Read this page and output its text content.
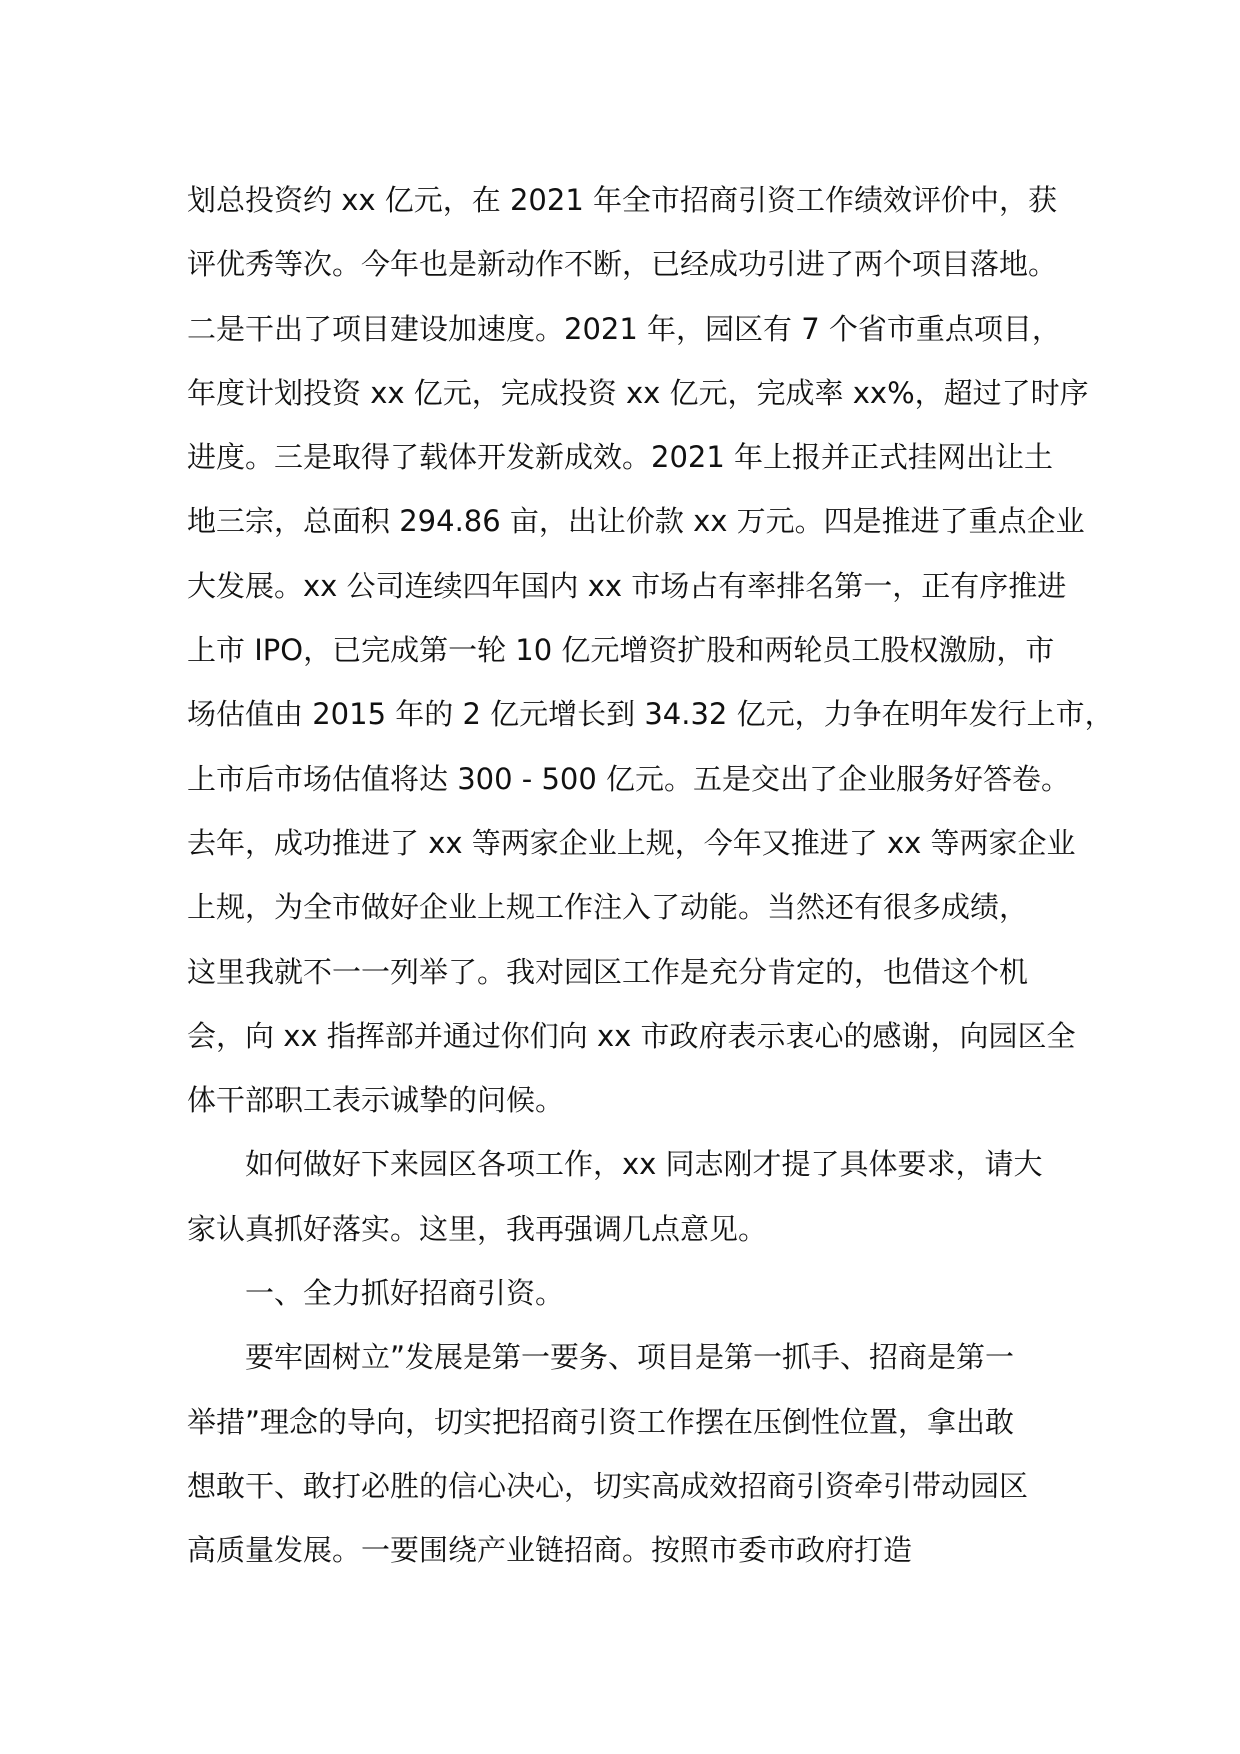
划总投资约 xx 亿元，在 2021 年全市招商引资工作绩效评价中，获
评优秀等次。今年也是新动作不断，已经成功引进了两个项目落地。
二是干出了项目建设加速度。2021 年，园区有 7 个省市重点项目，
年度计划投资 xx 亿元，完成投资 xx 亿元，完成率 xx%，超过了时序
进度。三是取得了载体开发新成效。2021 年上报并正式挂网出让土
地三宗，总面积 294.86 亩，出让价款 xx 万元。四是推进了重点企业
大发展。xx 公司连续四年国内 xx 市场占有率排名第一，正有序推进
上市 IPO，已完成第一轮 10 亿元增资扩股和两轮员工股权激励，市
场估值由 2015 年的 2 亿元增长到 34.32 亿元，力争在明年发行上市，
上市后市场估值将达 300 - 500 亿元。五是交出了企业服务好答卷。
去年，成功推进了 xx 等两家企业上规，今年又推进了 xx 等两家企业
上规，为全市做好企业上规工作注入了动能。当然还有很多成绩，
这里我就不一一列举了。我对园区工作是充分肯定的，也借这个机
会，向 xx 指挥部并通过你们向 xx 市政府表示衷心的感谢，向园区全
体干部职工表示诚挚的问候。
如何做好下来园区各项工作，xx 同志刚才提了具体要求，请大
家认真抓好落实。这里，我再强调几点意见。
一、全力抓好招商引资。
要牢固树立”发展是第一要务、项目是第一抓手、招商是第一
举措”理念的导向，切实把招商引资工作摆在压倒性位置，拿出敢
想敢干、敢打必胜的信心决心，切实高成效招商引资牵引带动园区
高质量发展。一要围绕产业链招商。按照市委市政府打造
